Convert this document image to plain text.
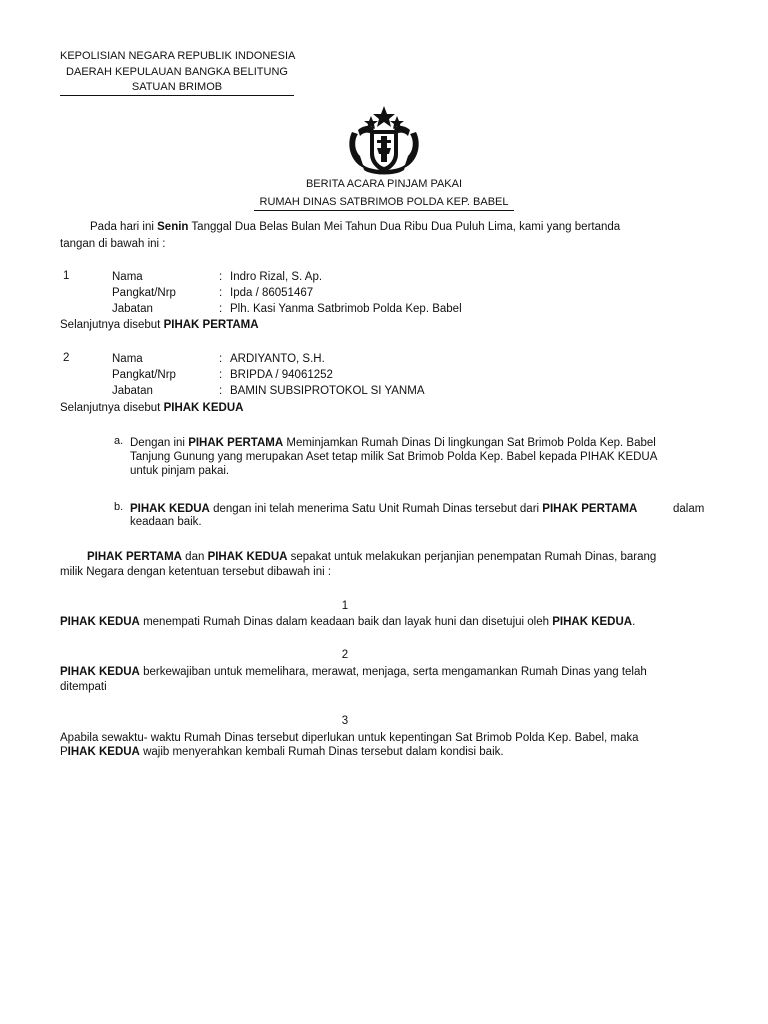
KEPOLISIAN NEGARA REPUBLIK INDONESIA
DAERAH KEPULAUAN BANGKA BELITUNG
SATUAN BRIMOB
BERITA ACARA PINJAM PAKAI
RUMAH DINAS SATBRIMOB POLDA KEP. BABEL
Pada hari ini Senin Tanggal Dua Belas Bulan Mei Tahun Dua Ribu Dua Puluh Lima, kami yang bertanda
tangan di bawah ini :
1	Nama	: Indro Rizal, S. Ap.
Pangkat/Nrp	: Ipda / 86051467
Jabatan	: Plh. Kasi Yanma Satbrimob Polda Kep. Babel
Selanjutnya disebut PIHAK PERTAMA
2	Nama	: ARDIYANTO, S.H.
Pangkat/Nrp	: BRIPDA / 94061252
Jabatan	: BAMIN SUBSIPROTOKOL SI YANMA
Selanjutnya disebut PIHAK KEDUA
a. Dengan ini PIHAK PERTAMA Meminjamkan Rumah Dinas Di lingkungan Sat Brimob Polda Kep. Babel
Tanjung Gunung yang merupakan Aset tetap milik Sat Brimob Polda Kep. Babel kepada PIHAK KEDUA
untuk pinjam pakai.
b. PIHAK KEDUA dengan ini telah menerima Satu Unit Rumah Dinas tersebut dari PIHAK PERTAMA	dalam
keadaan baik.
PIHAK PERTAMA dan PIHAK KEDUA sepakat untuk melakukan perjanjian penempatan Rumah Dinas, barang
milik Negara dengan ketentuan tersebut dibawah ini :
1
PIHAK KEDUA menempati Rumah Dinas dalam keadaan baik dan layak huni dan disetujui oleh PIHAK KEDUA.
2
PIHAK KEDUA berkewajiban untuk memelihara, merawat, menjaga, serta mengamankan Rumah Dinas yang telah
ditempati
3
Apabila sewaktu- waktu Rumah Dinas tersebut diperlukan untuk kepentingan Sat Brimob Polda Kep. Babel, maka
PIHAK KEDUA wajib menyerahkan kembali Rumah Dinas tersebut dalam kondisi baik.
